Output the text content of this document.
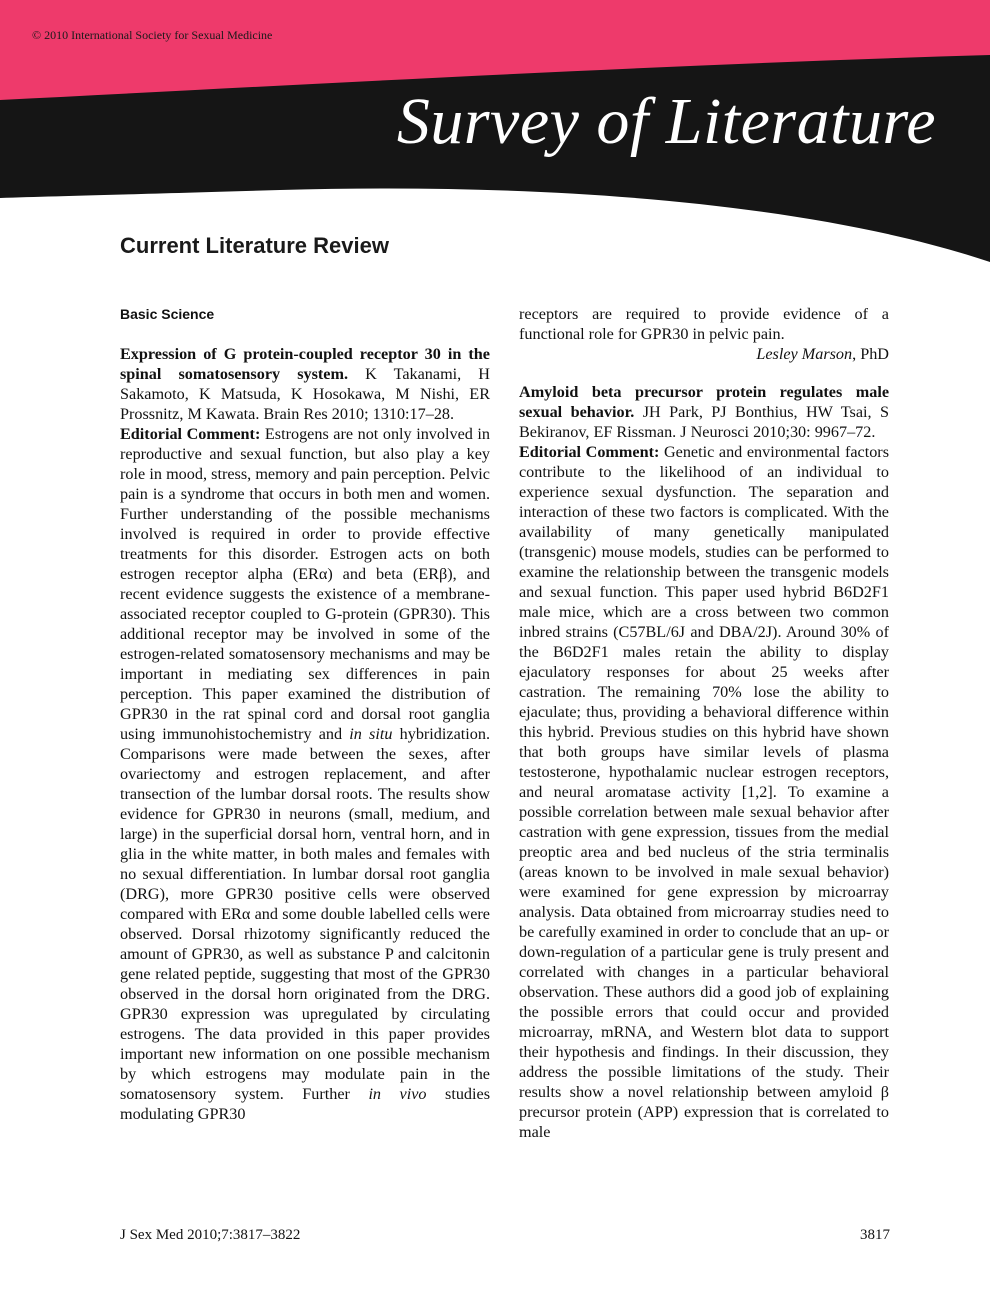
© 2010 International Society for Sexual Medicine
Survey of Literature
Current Literature Review

Basic Science

Expression of G protein-coupled receptor 30 in the spinal somatosensory system. K Takanami, H Sakamoto, K Matsuda, K Hosokawa, M Nishi, ER Prossnitz, M Kawata. Brain Res 2010; 1310:17–28.

Editorial Comment: Estrogens are not only involved in reproductive and sexual function, but also play a key role in mood, stress, memory and pain perception. Pelvic pain is a syndrome that occurs in both men and women. Further understanding of the possible mechanisms involved is required in order to provide effective treatments for this disorder. Estrogen acts on both estrogen receptor alpha (ERα) and beta (ERβ), and recent evidence suggests the existence of a membrane-associated receptor coupled to G-protein (GPR30). This additional receptor may be involved in some of the estrogen-related somatosensory mechanisms and may be important in mediating sex differences in pain perception. This paper examined the distribution of GPR30 in the rat spinal cord and dorsal root ganglia using immunohistochemistry and in situ hybridization. Comparisons were made between the sexes, after ovariectomy and estrogen replacement, and after transection of the lumbar dorsal roots. The results show evidence for GPR30 in neurons (small, medium, and large) in the superficial dorsal horn, ventral horn, and in glia in the white matter, in both males and females with no sexual differentiation. In lumbar dorsal root ganglia (DRG), more GPR30 positive cells were observed compared with ERα and some double labelled cells were observed. Dorsal rhizotomy significantly reduced the amount of GPR30, as well as substance P and calcitonin gene related peptide, suggesting that most of the GPR30 observed in the dorsal horn originated from the DRG. GPR30 expression was upregulated by circulating estrogens. The data provided in this paper provides important new information on one possible mechanism by which estrogens may modulate pain in the somatosensory system. Further in vivo studies modulating GPR30

receptors are required to provide evidence of a functional role for GPR30 in pelvic pain.

Lesley Marson, PhD

Amyloid beta precursor protein regulates male sexual behavior. JH Park, PJ Bonthius, HW Tsai, S Bekiranov, EF Rissman. J Neurosci 2010;30: 9967–72.

Editorial Comment: Genetic and environmental factors contribute to the likelihood of an individual to experience sexual dysfunction. The separation and interaction of these two factors is complicated. With the availability of many genetically manipulated (transgenic) mouse models, studies can be performed to examine the relationship between the transgenic models and sexual function. This paper used hybrid B6D2F1 male mice, which are a cross between two common inbred strains (C57BL/6J and DBA/2J). Around 30% of the B6D2F1 males retain the ability to display ejaculatory responses for about 25 weeks after castration. The remaining 70% lose the ability to ejaculate; thus, providing a behavioral difference within this hybrid. Previous studies on this hybrid have shown that both groups have similar levels of plasma testosterone, hypothalamic nuclear estrogen receptors, and neural aromatase activity [1,2]. To examine a possible correlation between male sexual behavior after castration with gene expression, tissues from the medial preoptic area and bed nucleus of the stria terminalis (areas known to be involved in male sexual behavior) were examined for gene expression by microarray analysis. Data obtained from microarray studies need to be carefully examined in order to conclude that an up- or down-regulation of a particular gene is truly present and correlated with changes in a particular behavioral observation. These authors did a good job of explaining the possible errors that could occur and provided microarray, mRNA, and Western blot data to support their hypothesis and findings. In their discussion, they address the possible limitations of the study. Their results show a novel relationship between amyloid β precursor protein (APP) expression that is correlated to male

J Sex Med 2010;7:3817–3822	3817
